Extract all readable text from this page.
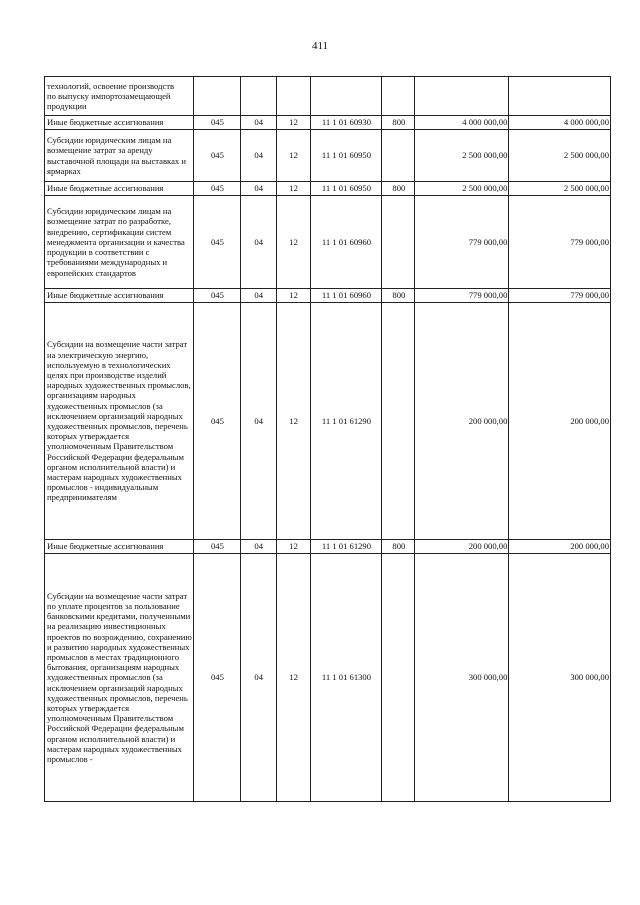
411
технологий, освоение производств по выпуску импортозамещающей продукции							

Иные бюджетные ассигнования	045	04	12	11 1 01 60930	800	4 000 000,00	4 000 000,00
Субсидии юридическим лицам на возмещение затрат за аренду выставочной площади на выставках и ярмарках	045	04	12	11 1 01 60950		2 500 000,00	2 500 000,00
Иные бюджетные ассигнования	045	04	12	11 1 01 60950	800	2 500 000,00	2 500 000,00
Субсидии юридическим лицам на возмещение затрат по разработке, внедрению, сертификации систем менеджмента организации и качества продукции в соответствии с требованиями международных и европейских стандартов	045	04	12	11 1 01 60960		779 000,00	779 000,00
Иные бюджетные ассигнования	045	04	12	11 1 01 60960	800	779 000,00	779 000,00
Субсидии на возмещение части затрат на электрическую энергию, используемую в технологических целях при производстве изделий народных художественных промыслов, организациям народных художественных промыслов (за исключением организаций народных художественных промыслов, перечень которых утверждается уполномоченным Правительством Российской Федерации федеральным органом исполнительной власти) и мастерам народных художественных промыслов - индивидуальным предпринимателям	045	04	12	11 1 01 61290		200 000,00	200 000,00
Иные бюджетные ассигнования	045	04	12	11 1 01 61290	800	200 000,00	200 000,00
Субсидии на возмещение части затрат по уплате процентов за пользование банковскими кредитами, полученными на реализацию инвестиционных проектов по возрождению, сохранению и развитию народных художественных промыслов в местах традиционного бытования, организациям народных художественных промыслов (за исключением организаций народных художественных промыслов, перечень которых утверждается уполномоченным Правительством Российской Федерации федеральным органом исполнительной власти) и мастерам народных художественных промыслов -	045	04	12	11 1 01 61300		300 000,00	300 000,00
